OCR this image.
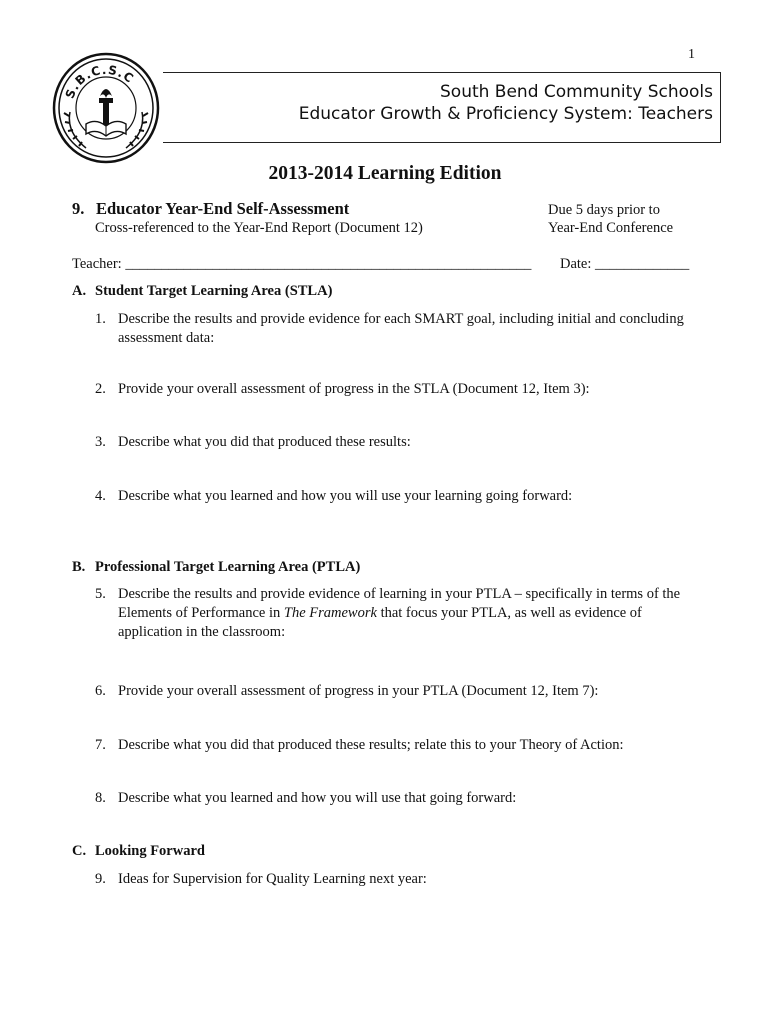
1
S.B.C.S.C
South Bend Community Schools
Educator Growth & Proficiency System: Teachers
2013-2014 Learning Edition
9. Educator Year-End Self-Assessment
Cross-referenced to the Year-End Report (Document 12)
Due 5 days prior to
Year-End Conference
Teacher: ________________________________________________________ Date: _____________
A. Student Target Learning Area (STLA)
1. Describe the results and provide evidence for each SMART goal, including initial and concluding assessment data:
2. Provide your overall assessment of progress in the STLA (Document 12, Item 3):
3. Describe what you did that produced these results:
4. Describe what you learned and how you will use your learning going forward:
B. Professional Target Learning Area (PTLA)
5. Describe the results and provide evidence of learning in your PTLA – specifically in terms of the Elements of Performance in The Framework that focus your PTLA, as well as evidence of application in the classroom:
6. Provide your overall assessment of progress in your PTLA (Document 12, Item 7):
7. Describe what you did that produced these results; relate this to your Theory of Action:
8. Describe what you learned and how you will use that going forward:
C. Looking Forward
9. Ideas for Supervision for Quality Learning next year:
